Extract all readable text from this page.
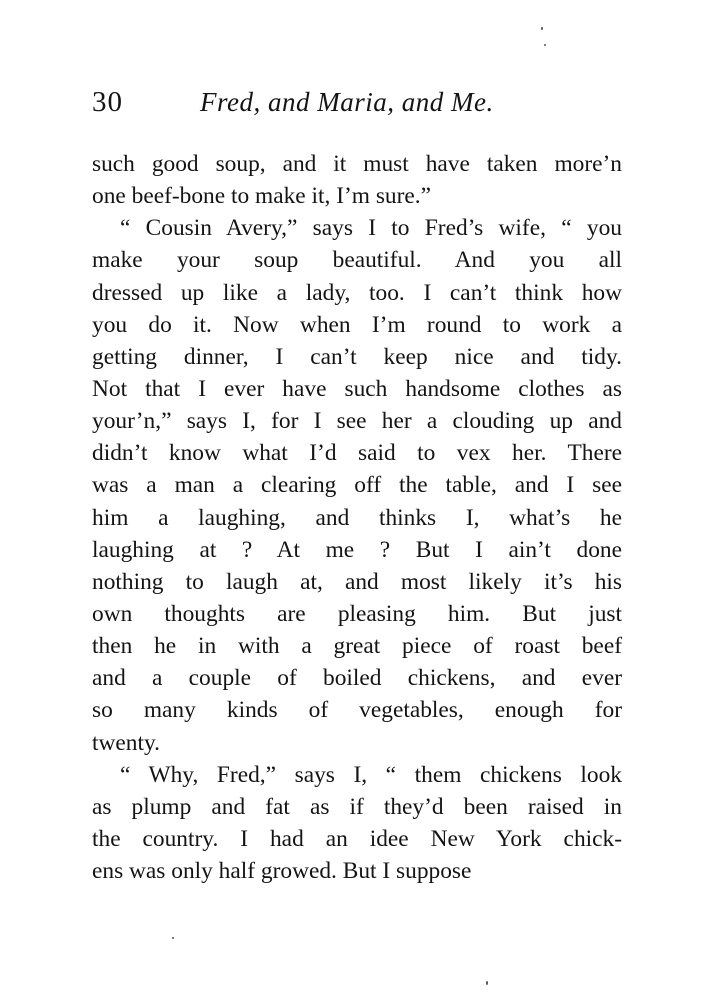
30	Fred, and Maria, and Me.
such good soup, and it must have taken more’n
one beef-bone to make it, I’m sure.”
“ Cousin Avery,” says I to Fred’s wife, “ you
make your soup beautiful. And you all
dressed up like a lady, too. I can’t think how
you do it. Now when I’m round to work a
getting dinner, I can’t keep nice and tidy.
Not that I ever have such handsome clothes as
your’n,” says I, for I see her a clouding up and
didn’t know what I’d said to vex her. There
was a man a clearing off the table, and I see
him a laughing, and thinks I, what’s he
laughing at ? At me ? But I ain’t done
nothing to laugh at, and most likely it’s his
own thoughts are pleasing him. But just
then he in with a great piece of roast beef
and a couple of boiled chickens, and ever
so many kinds of vegetables, enough for
twenty.
“ Why, Fred,” says I, “ them chickens look
as plump and fat as if they’d been raised in
the country. I had an idee New York chick-
ens was only half growed. But I suppose
